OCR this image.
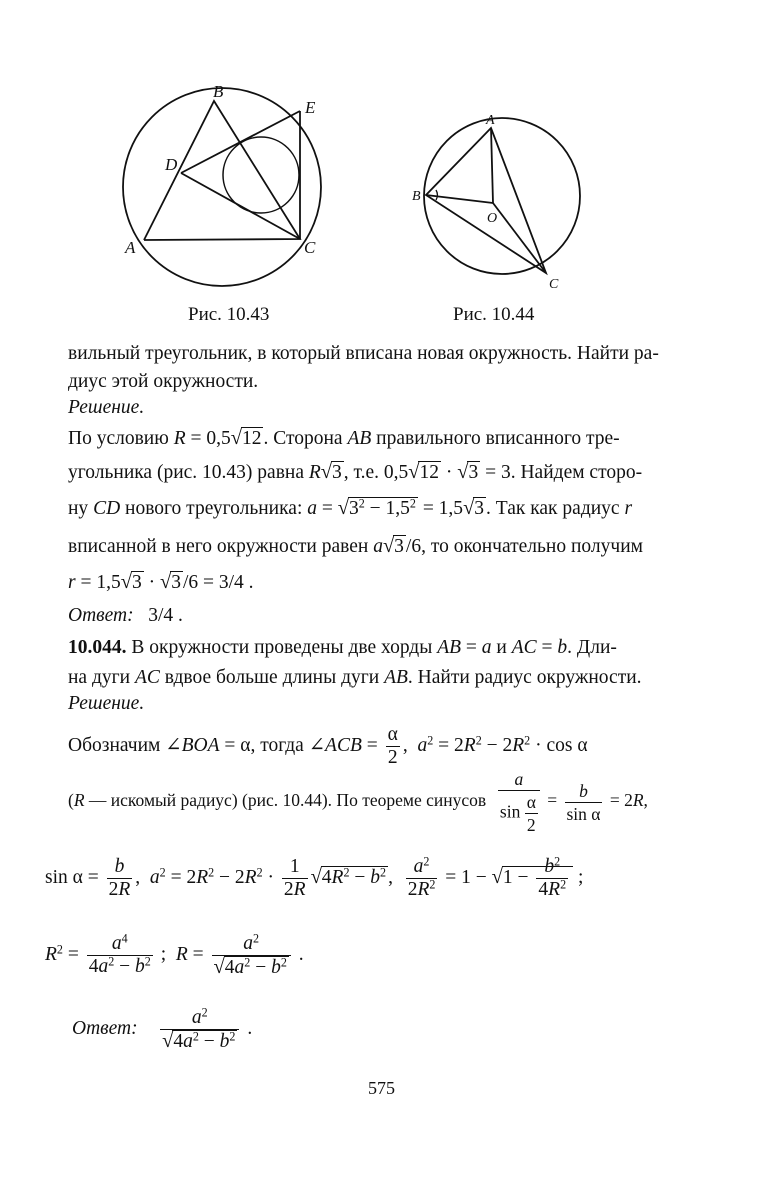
B
E
D
A	C
A
B
O
C
Рис. 10.43	Рис. 10.44
вильный треугольник, в который вписана новая окружность. Найти ра-
диус этой окружности.
Решение.
По условию R = 0,5√12 . Сторона AB правильного вписанного тре-
угольника (рис. 10.43) равна R√3 , т.е. 0,5√12 · √3 = 3. Найдем сторо-
ну CD нового треугольника: $a = √3^2 - 1,5^2 = 1,5√3$ . Так как радиус r
вписанной в него окружности равен a√3 /6, то окончательно получим
r = 1,5√3 · √3 /6 = 3/4 .
Ответ: 3/4 .
10.044. В окружности проведены две хорды AB = a и AC = b. Дли-
на дуги AC вдвое больше длины дуги AB. Найти радиус окружности.
Решение.
Обозначим ∠BOA = α, тогда ∠ACB = $\frac{\alpha}{2}$ ,  $a^2 = 2R^2 - 2R^2 \cdot \cos \alpha$
(R — искомый радиус) (рис. 10.44). По теореме синусов $\frac{a}{\sin \frac{\alpha}{2}} = \frac{b}{\text{sin α}} = 2R$,
$\sin \alpha = \frac{b}{2R}$ , $a^2 = 2R^2 - 2R^2 \cdot \frac{1}{2R} √4R^2 - b^2$ , $\frac{a^2}{2R^2} = 1 - √1 - \frac{b^2}{4R^2}$ ;
$R^2 = \frac{a^4}{4a^2 - b^2}$ ; $R = \frac{a^2}{√4a^2 - b^2}$ .
Ответ: $\frac{a^2}{√4a^2 - b^2}$ .
575
